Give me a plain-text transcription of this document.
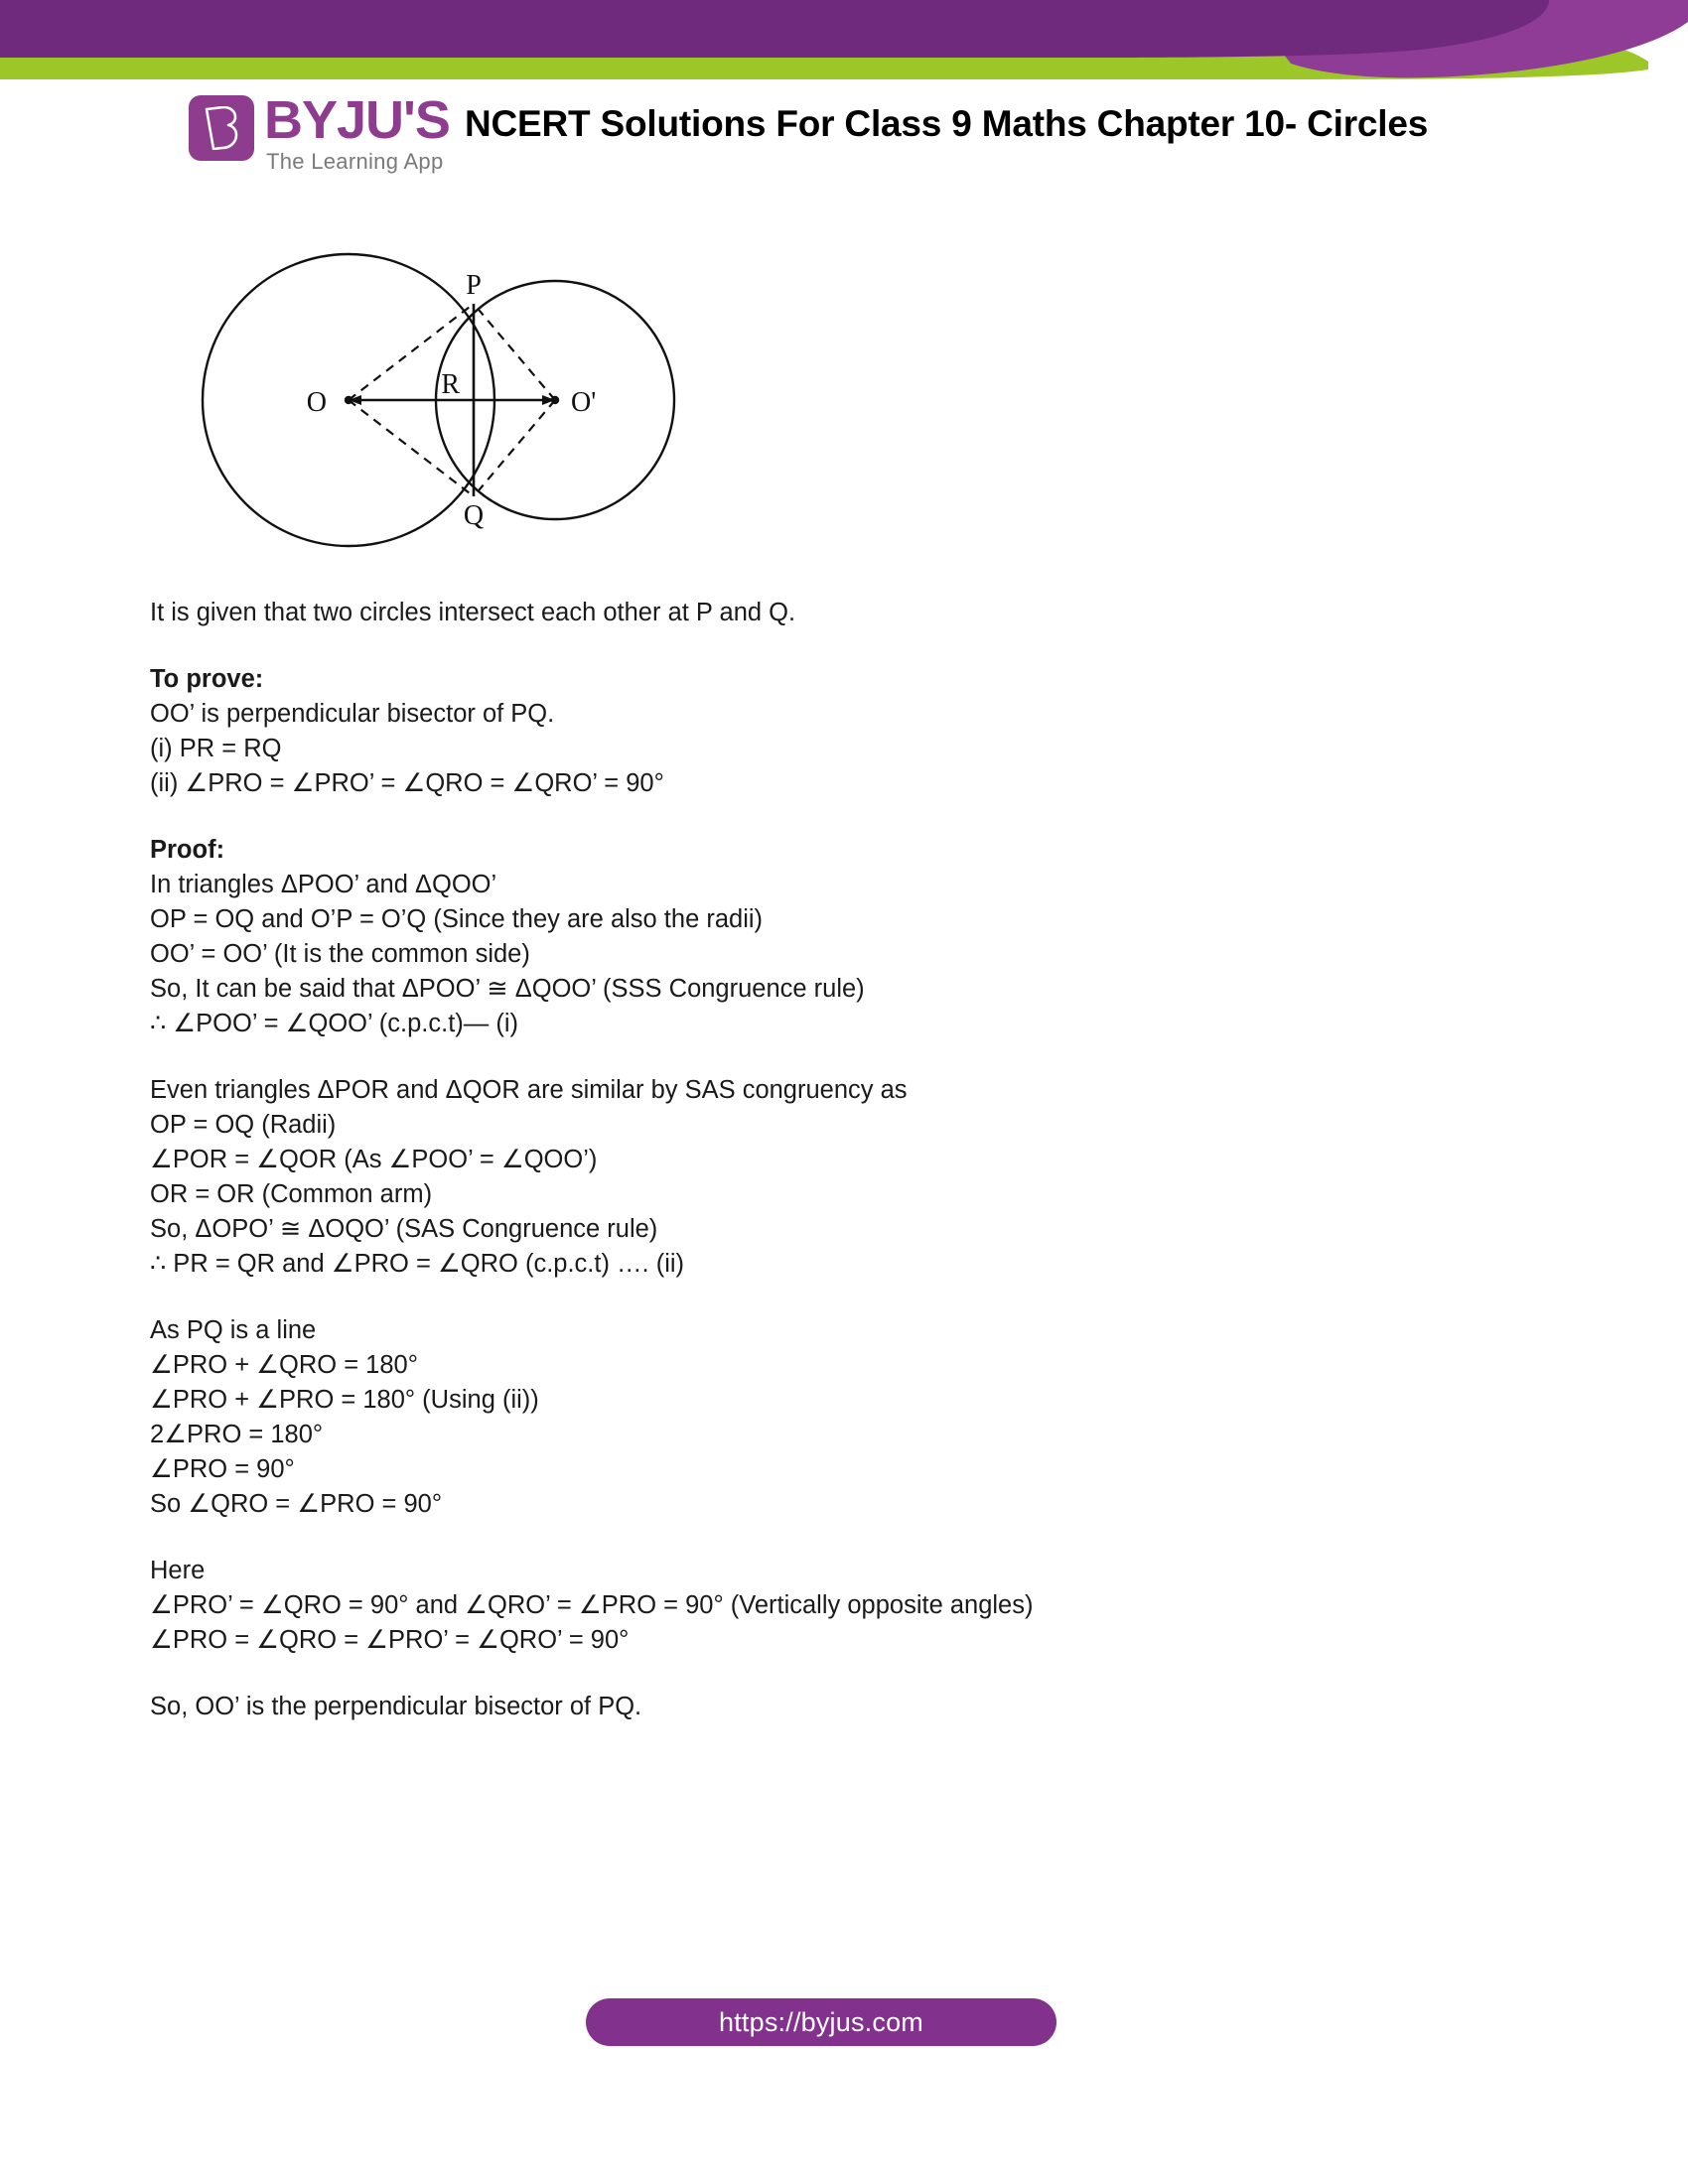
BYJU'S
The Learning App
NCERT Solutions For Class 9 Maths Chapter 10- Circles
O	O'
P
Q
R
It is given that two circles intersect each other at P and Q.
To prove:
OO’ is perpendicular bisector of PQ.
(i) PR = RQ
(ii) ∠PRO = ∠PRO’ = ∠QRO = ∠QRO’ = 90°
Proof:
In triangles ΔPOO’ and ΔQOO’
OP = OQ and O’P = O’Q (Since they are also the radii)
OO’ = OO’ (It is the common side)
So, It can be said that ΔPOO’ ≅ ΔQOO’ (SSS Congruence rule)
∴ ∠POO’ = ∠QOO’ (c.p.c.t)— (i)
Even triangles ΔPOR and ΔQOR are similar by SAS congruency as
OP = OQ (Radii)
∠POR = ∠QOR (As ∠POO’ = ∠QOO’)
OR = OR (Common arm)
So, ΔOPO’ ≅ ΔOQO’ (SAS Congruence rule)
∴ PR = QR and ∠PRO = ∠QRO (c.p.c.t) …. (ii)
As PQ is a line
∠PRO + ∠QRO = 180°
∠PRO + ∠PRO = 180° (Using (ii))
2∠PRO = 180°
∠PRO = 90°
So ∠QRO = ∠PRO = 90°
Here
∠PRO’ = ∠QRO = 90° and ∠QRO’ = ∠PRO = 90° (Vertically opposite angles)
∠PRO = ∠QRO = ∠PRO’ = ∠QRO’ = 90°
So, OO’ is the perpendicular bisector of PQ.
https://byjus.com
